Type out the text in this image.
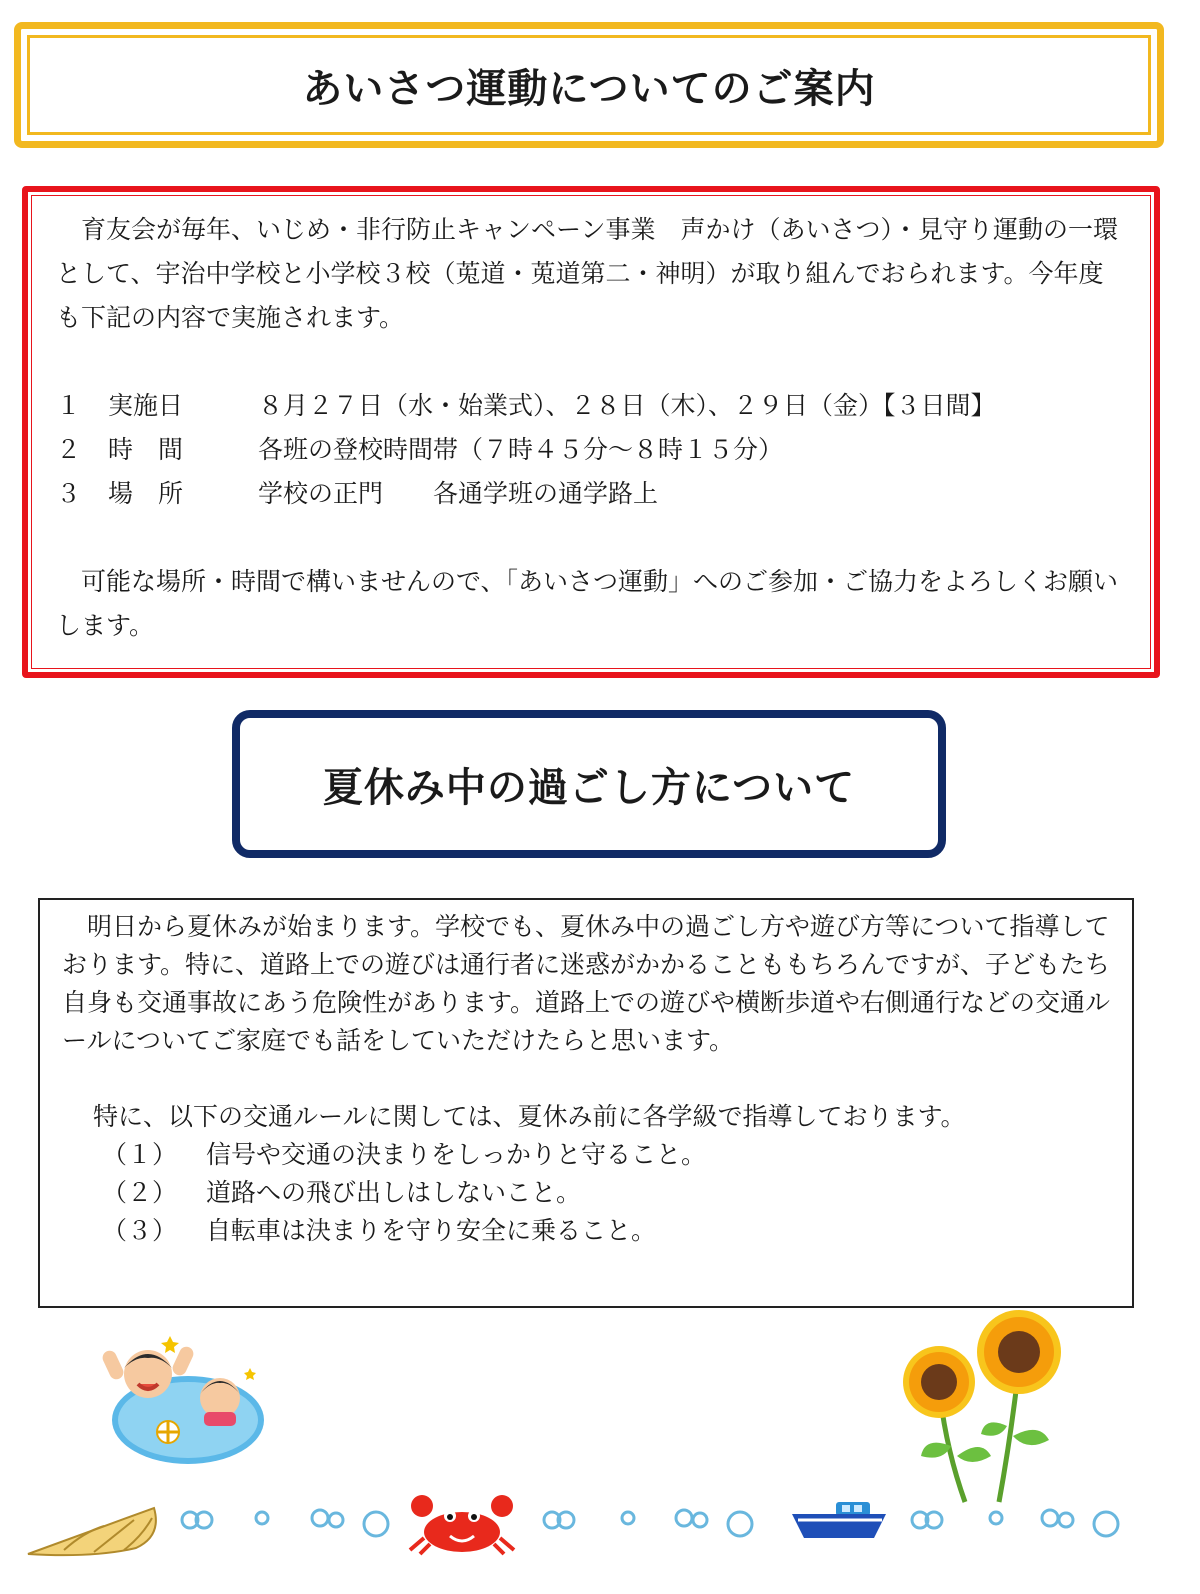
あいさつ運動についてのご案内

育友会が毎年、いじめ・非行防止キャンペーン事業　声かけ（あいさつ）・見守り運動の一環として、宇治中学校と小学校３校（莵道・莵道第二・神明）が取り組んでおられます。今年度も下記の内容で実施されます。

１	実施日	８月２７日（水・始業式）、２８日（木）、２９日（金）【３日間】
２	時　間	各班の登校時間帯（７時４５分～８時１５分）
３	場　所	学校の正門　　各通学班の通学路上

可能な場所・時間で構いませんので、「あいさつ運動」へのご参加・ご協力をよろしくお願いします。

夏休み中の過ごし方について

明日から夏休みが始まります。学校でも、夏休み中の過ごし方や遊び方等について指導しております。特に、道路上での遊びは通行者に迷惑がかかることももちろんですが、子どもたち自身も交通事故にあう危険性があります。道路上での遊びや横断歩道や右側通行などの交通ルールについてご家庭でも話をしていただけたらと思います。

特に、以下の交通ルールに関しては、夏休み前に各学級で指導しております。

（１）	信号や交通の決まりをしっかりと守ること。
（２）	道路への飛び出しはしないこと。
（３）	自転車は決まりを守り安全に乗ること。
